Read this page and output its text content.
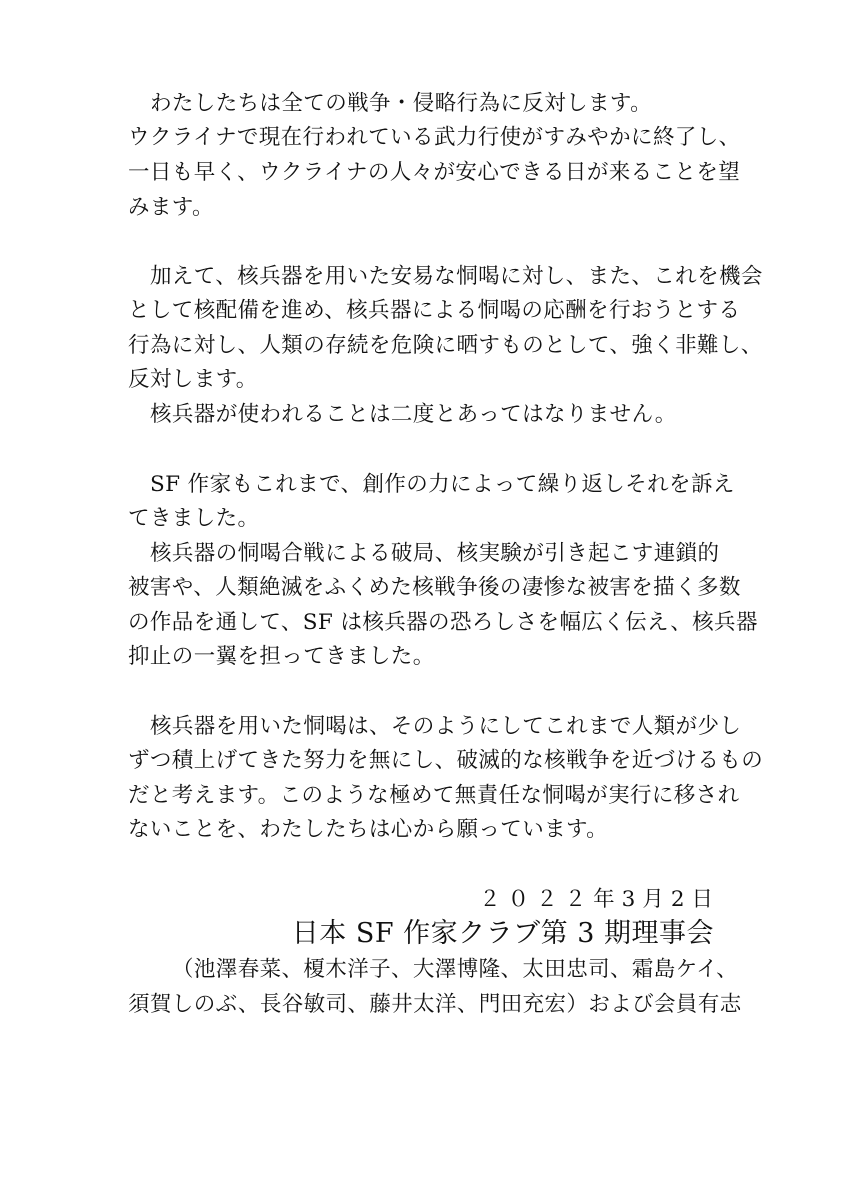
わたしたちは全ての戦争・侵略行為に反対します。
ウクライナで現在行われている武力行使がすみやかに終了し、
一日も早く、ウクライナの人々が安心できる日が来ることを望
みます。
加えて、核兵器を用いた安易な恫喝に対し、また、これを機会
として核配備を進め、核兵器による恫喝の応酬を行おうとする
行為に対し、人類の存続を危険に晒すものとして、強く非難し、
反対します。
核兵器が使われることは二度とあってはなりません。
SF 作家もこれまで、創作の力によって繰り返しそれを訴え
てきました。
核兵器の恫喝合戦による破局、核実験が引き起こす連鎖的
被害や、人類絶滅をふくめた核戦争後の凄惨な被害を描く多数
の作品を通して、SF は核兵器の恐ろしさを幅広く伝え、核兵器
抑止の一翼を担ってきました。
核兵器を用いた恫喝は、そのようにしてこれまで人類が少し
ずつ積上げてきた努力を無にし、破滅的な核戦争を近づけるもの
だと考えます。このような極めて無責任な恫喝が実行に移され
ないことを、わたしたちは心から願っています。
２０２２年3月2日
日本 SF 作家クラブ第 3 期理事会
（池澤春菜、榎木洋子、大澤博隆、太田忠司、霜島ケイ、
須賀しのぶ、長谷敏司、藤井太洋、門田充宏）および会員有志
